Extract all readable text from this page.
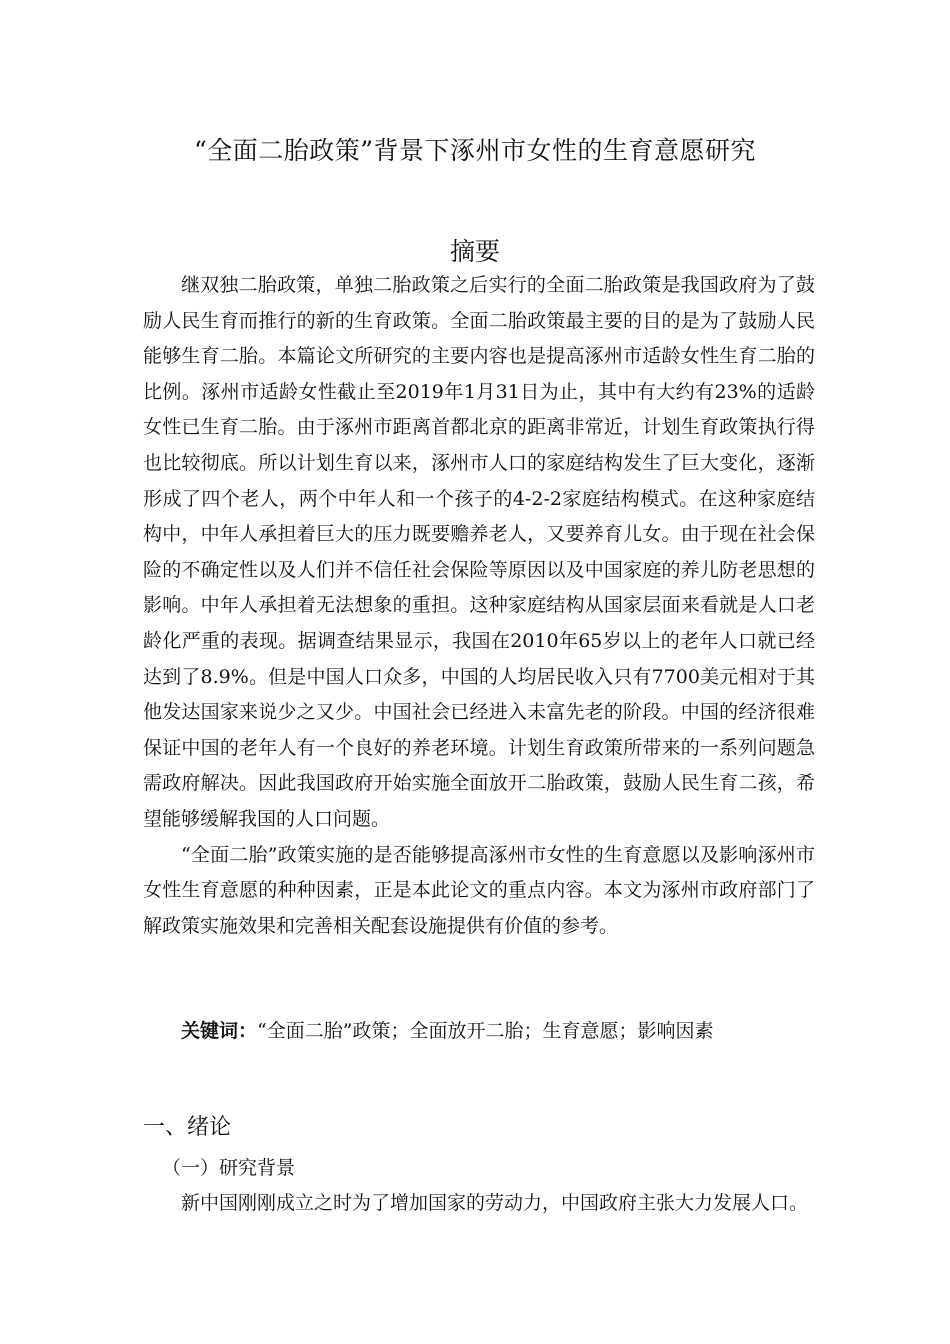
“全面二胎政策”背景下涿州市女性的生育意愿研究
摘要

继双独二胎政策，单独二胎政策之后实行的全面二胎政策是我国政府为了鼓励人民生育而推行的新的生育政策。全面二胎政策最主要的目的是为了鼓励人民能够生育二胎。本篇论文所研究的主要内容也是提高涿州市适龄女性生育二胎的比例。涿州市适龄女性截止至2019年1月31日为止，其中有大约有23%的适龄女性已生育二胎。由于涿州市距离首都北京的距离非常近，计划生育政策执行得也比较彻底。所以计划生育以来，涿州市人口的家庭结构发生了巨大变化，逐渐形成了四个老人，两个中年人和一个孩子的4-2-2家庭结构模式。在这种家庭结构中，中年人承担着巨大的压力既要赡养老人，又要养育儿女。由于现在社会保险的不确定性以及人们并不信任社会保险等原因以及中国家庭的养儿防老思想的影响。中年人承担着无法想象的重担。这种家庭结构从国家层面来看就是人口老龄化严重的表现。据调查结果显示，我国在2010年65岁以上的老年人口就已经达到了8.9%。但是中国人口众多，中国的人均居民收入只有7700美元相对于其他发达国家来说少之又少。中国社会已经进入未富先老的阶段。中国的经济很难保证中国的老年人有一个良好的养老环境。计划生育政策所带来的一系列问题急需政府解决。因此我国政府开始实施全面放开二胎政策，鼓励人民生育二孩，希望能够缓解我国的人口问题。

“全面二胎”政策实施的是否能够提高涿州市女性的生育意愿以及影响涿州市女性生育意愿的种种因素，正是本此论文的重点内容。本文为涿州市政府部门了解政策实施效果和完善相关配套设施提供有价值的参考。

关键词：“全面二胎”政策；全面放开二胎；生育意愿；影响因素
一、绪论
（一）研究背景

新中国刚刚成立之时为了增加国家的劳动力，中国政府主张大力发展人口。
